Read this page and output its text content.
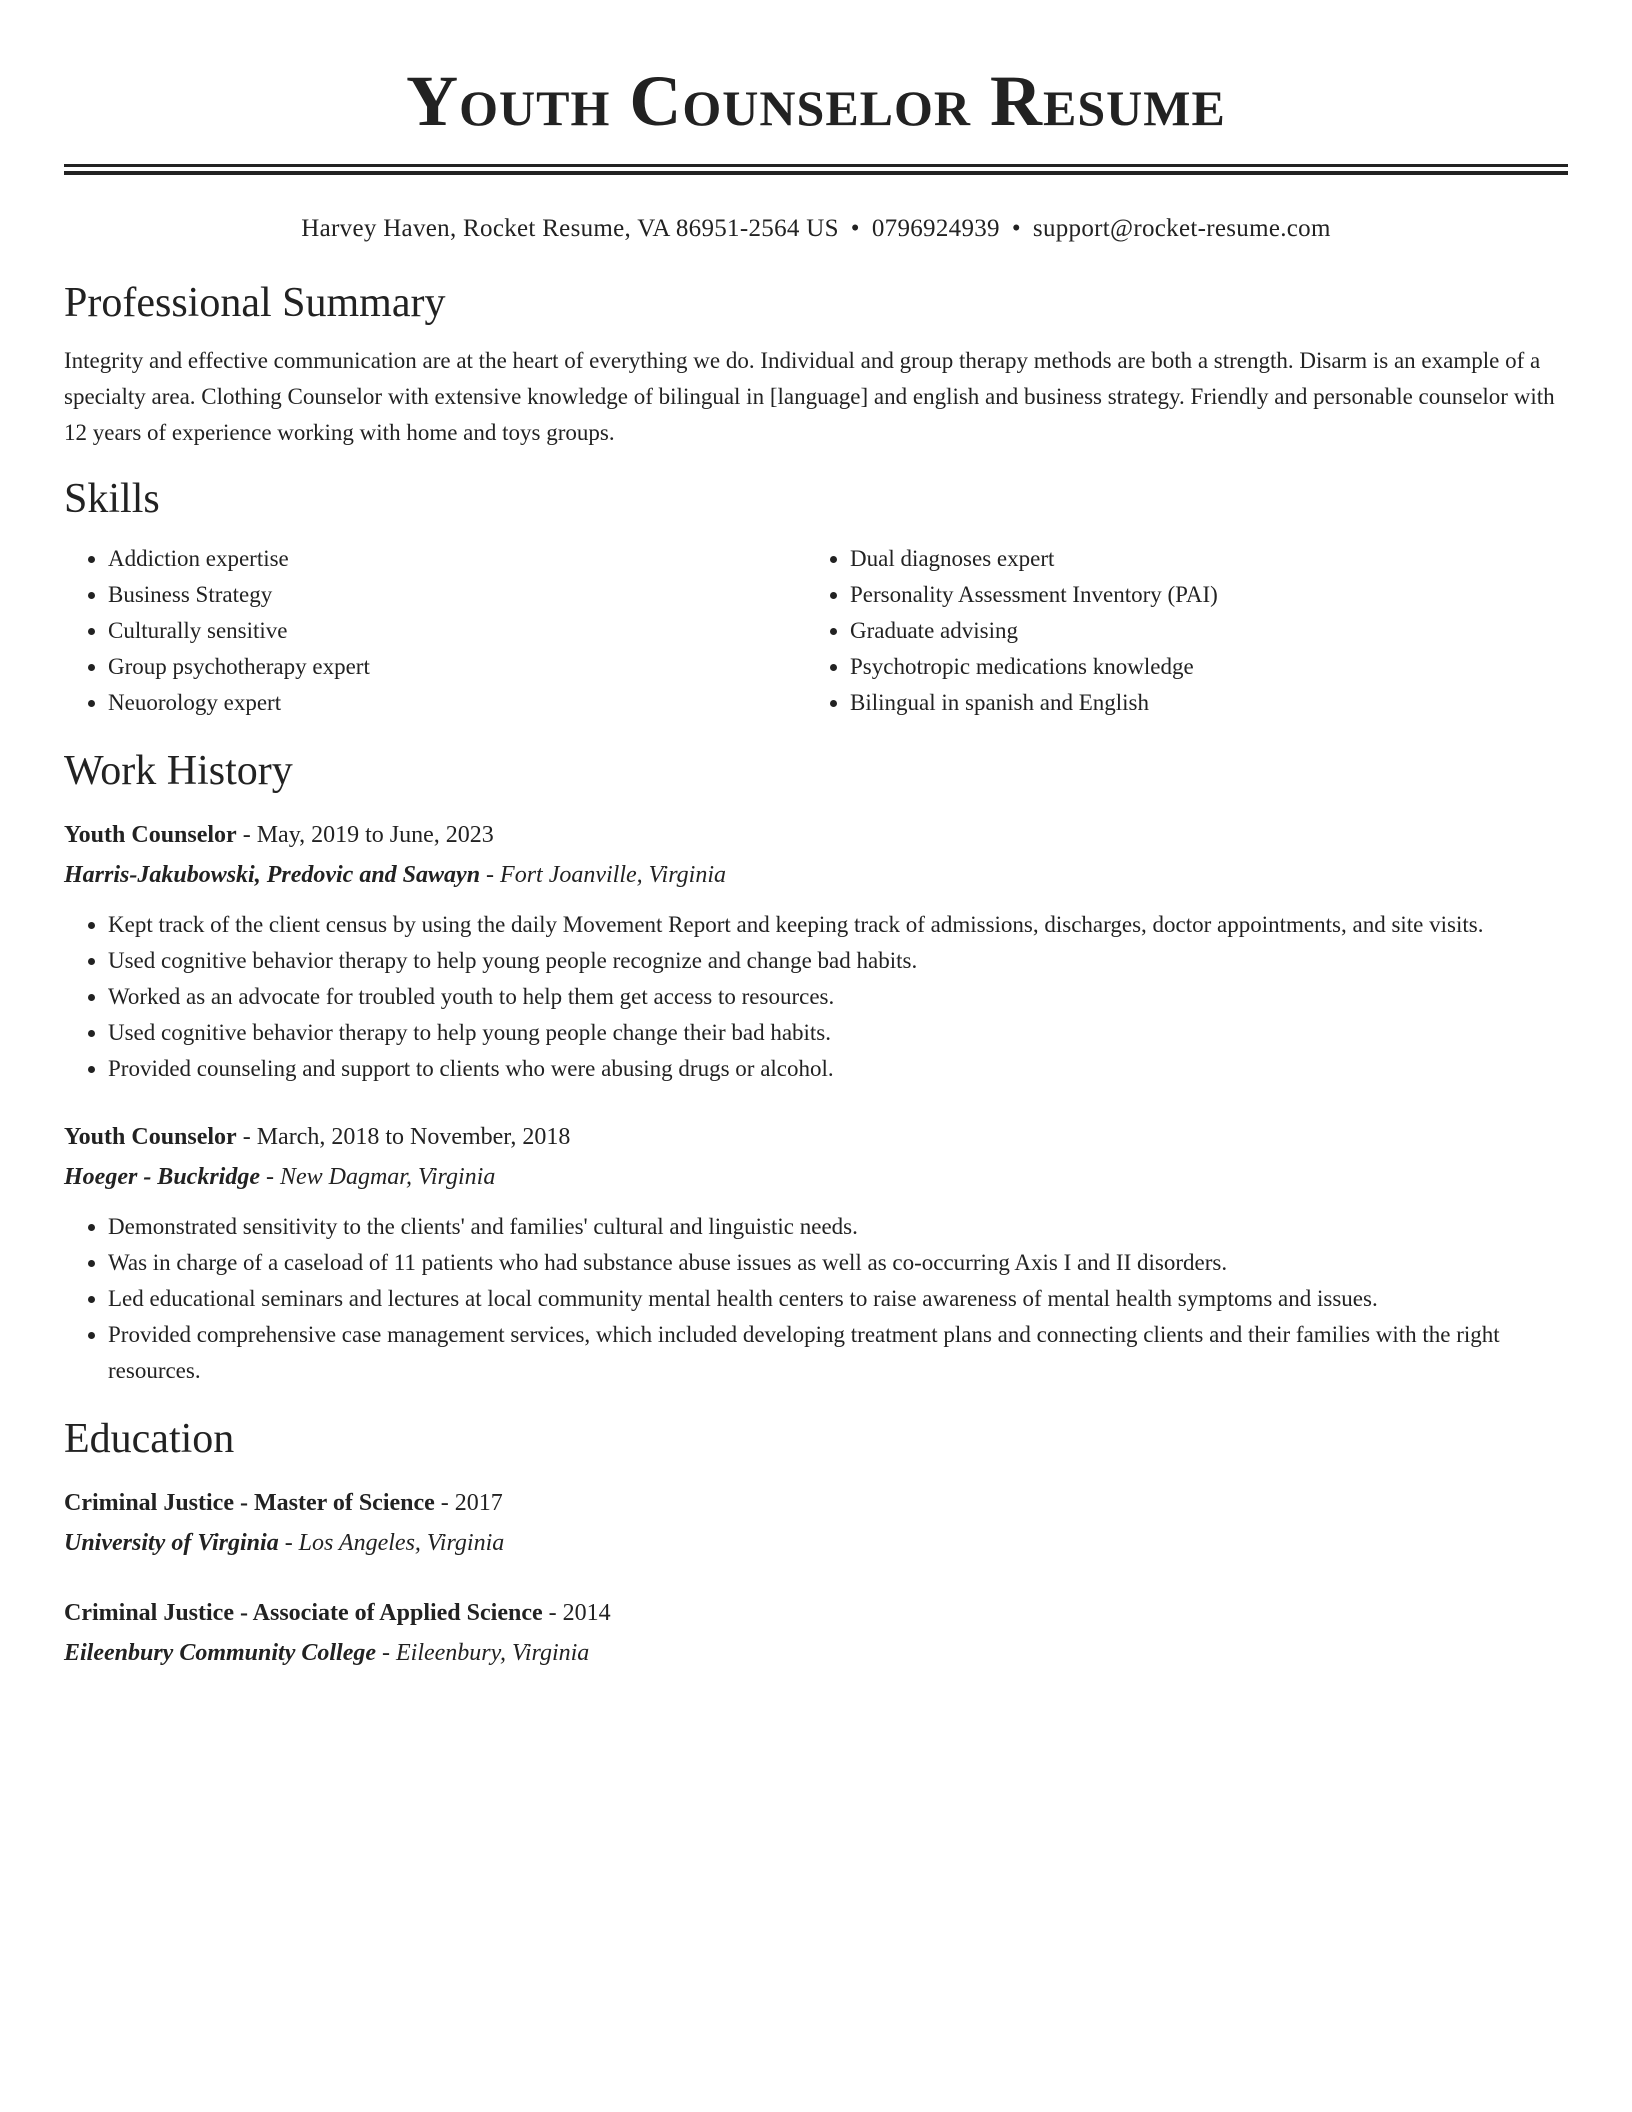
Youth Counselor Resume
Harvey Haven, Rocket Resume, VA 86951-2564 US • 0796924939 • support@rocket-resume.com
Professional Summary

Integrity and effective communication are at the heart of everything we do. Individual and group therapy methods are both a strength. Disarm is an example of a specialty area. Clothing Counselor with extensive knowledge of bilingual in [language] and english and business strategy. Friendly and personable counselor with 12 years of experience working with home and toys groups.

Skills
• Addiction expertise
• Business Strategy
• Culturally sensitive
• Group psychotherapy expert
• Neuorology expert
• Dual diagnoses expert
• Personality Assessment Inventory (PAI)
• Graduate advising
• Psychotropic medications knowledge
• Bilingual in spanish and English
Work History
Youth Counselor - May, 2019 to June, 2023
Harris-Jakubowski, Predovic and Sawayn - Fort Joanville, Virginia
• Kept track of the client census by using the daily Movement Report and keeping track of admissions, discharges, doctor appointments, and site visits.
• Used cognitive behavior therapy to help young people recognize and change bad habits.
• Worked as an advocate for troubled youth to help them get access to resources.
• Used cognitive behavior therapy to help young people change their bad habits.
• Provided counseling and support to clients who were abusing drugs or alcohol.
Youth Counselor - March, 2018 to November, 2018
Hoeger - Buckridge - New Dagmar, Virginia
• Demonstrated sensitivity to the clients' and families' cultural and linguistic needs.
• Was in charge of a caseload of 11 patients who had substance abuse issues as well as co-occurring Axis I and II disorders.
• Led educational seminars and lectures at local community mental health centers to raise awareness of mental health symptoms and issues.
• Provided comprehensive case management services, which included developing treatment plans and connecting clients and their families with the right resources.
Education
Criminal Justice - Master of Science - 2017
University of Virginia - Los Angeles, Virginia
Criminal Justice - Associate of Applied Science - 2014
Eileenbury Community College - Eileenbury, Virginia
